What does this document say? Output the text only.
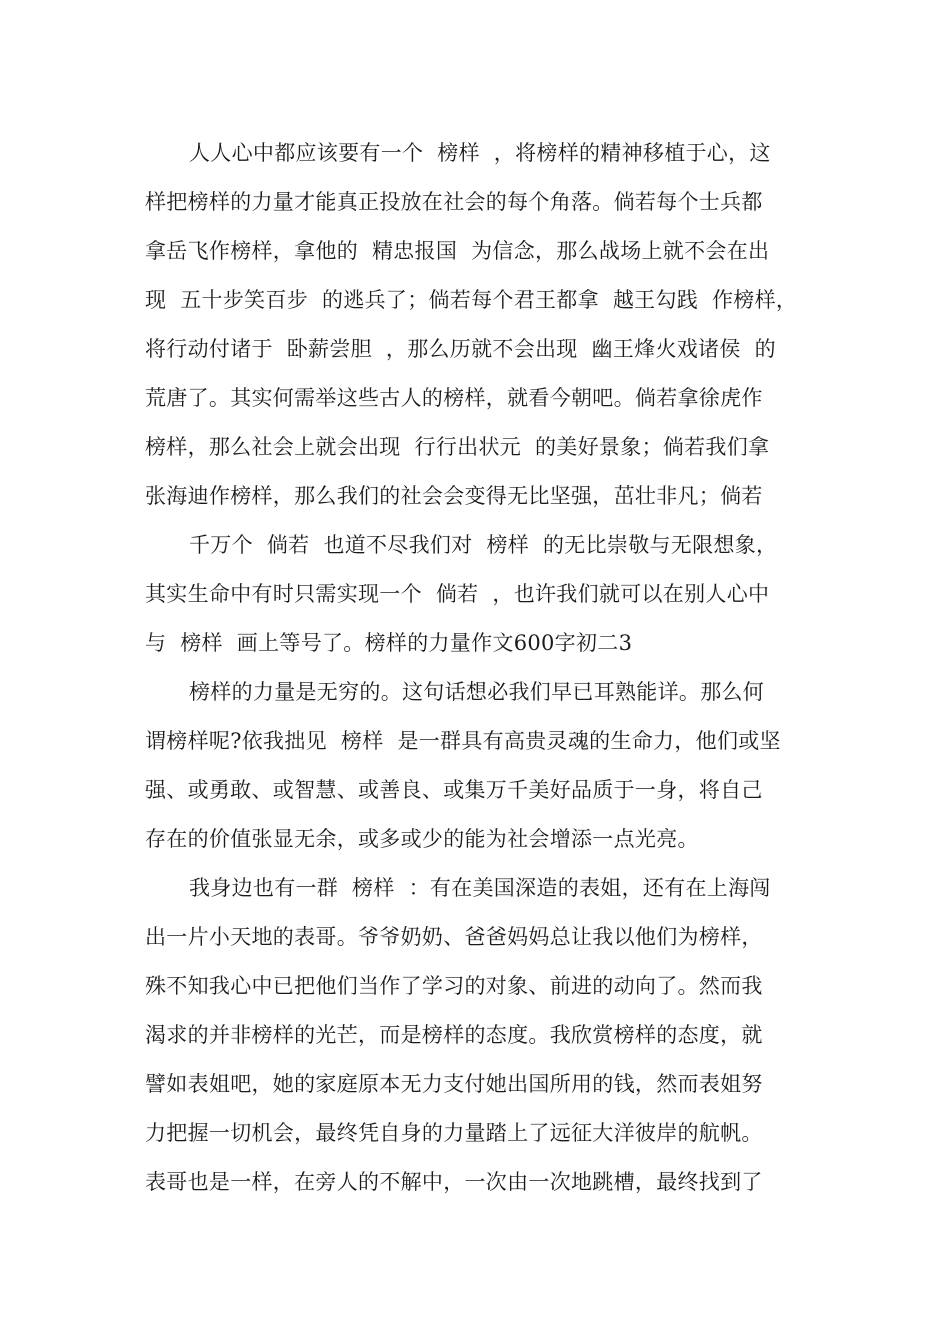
人人心中都应该要有一个  榜样  ，将榜样的精神移植于心，这
样把榜样的力量才能真正投放在社会的每个角落。倘若每个士兵都
拿岳飞作榜样，拿他的  精忠报国  为信念，那么战场上就不会在出
现  五十步笑百步  的逃兵了；倘若每个君王都拿  越王勾践  作榜样，
将行动付诸于  卧薪尝胆  ，那么历就不会出现  幽王烽火戏诸侯  的
荒唐了。其实何需举这些古人的榜样，就看今朝吧。倘若拿徐虎作
榜样，那么社会上就会出现  行行出状元  的美好景象；倘若我们拿
张海迪作榜样，那么我们的社会会变得无比坚强，茁壮非凡；倘若
千万个  倘若  也道不尽我们对  榜样  的无比崇敬与无限想象，
其实生命中有时只需实现一个  倘若  ，也许我们就可以在别人心中
与  榜样  画上等号了。榜样的力量作文600字初二3
榜样的力量是无穷的。这句话想必我们早已耳熟能详。那么何
谓榜样呢?依我拙见  榜样  是一群具有高贵灵魂的生命力，他们或坚
强、或勇敢、或智慧、或善良、或集万千美好品质于一身，将自己
存在的价值张显无余，或多或少的能为社会增添一点光亮。
我身边也有一群  榜样  ：有在美国深造的表姐，还有在上海闯
出一片小天地的表哥。爷爷奶奶、爸爸妈妈总让我以他们为榜样，
殊不知我心中已把他们当作了学习的对象、前进的动向了。然而我
渴求的并非榜样的光芒，而是榜样的态度。我欣赏榜样的态度，就
譬如表姐吧，她的家庭原本无力支付她出国所用的钱，然而表姐努
力把握一切机会，最终凭自身的力量踏上了远征大洋彼岸的航帆。
表哥也是一样，在旁人的不解中，一次由一次地跳槽，最终找到了
